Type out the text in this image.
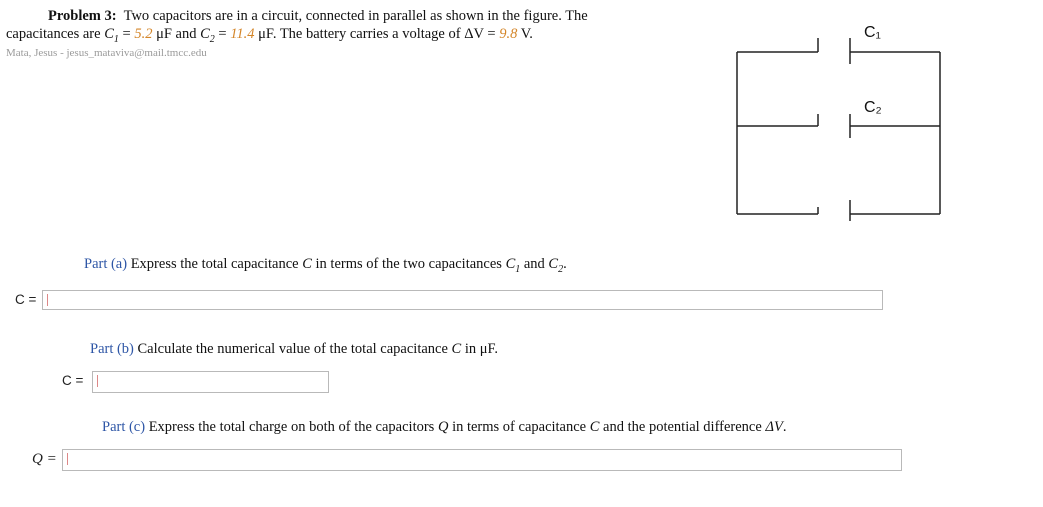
Problem 3: Two capacitors are in a circuit, connected in parallel as shown in the figure. The
capacitances are $C_1 = 5.2$ μF and $C_2 = 11.4$ μF. The battery carries a voltage of ΔV = 9.8 V.
Mata, Jesus - jesus_mataviva@mail.tmcc.edu
C₁
C₂
Part (a) Express the total capacitance C in terms of the two capacitances $C_1$ and $C_2$.
C =
Part (b) Calculate the numerical value of the total capacitance C in μF.
C =
Part (c) Express the total charge on both of the capacitors Q in terms of capacitance C and the potential difference ΔV.
Q =
